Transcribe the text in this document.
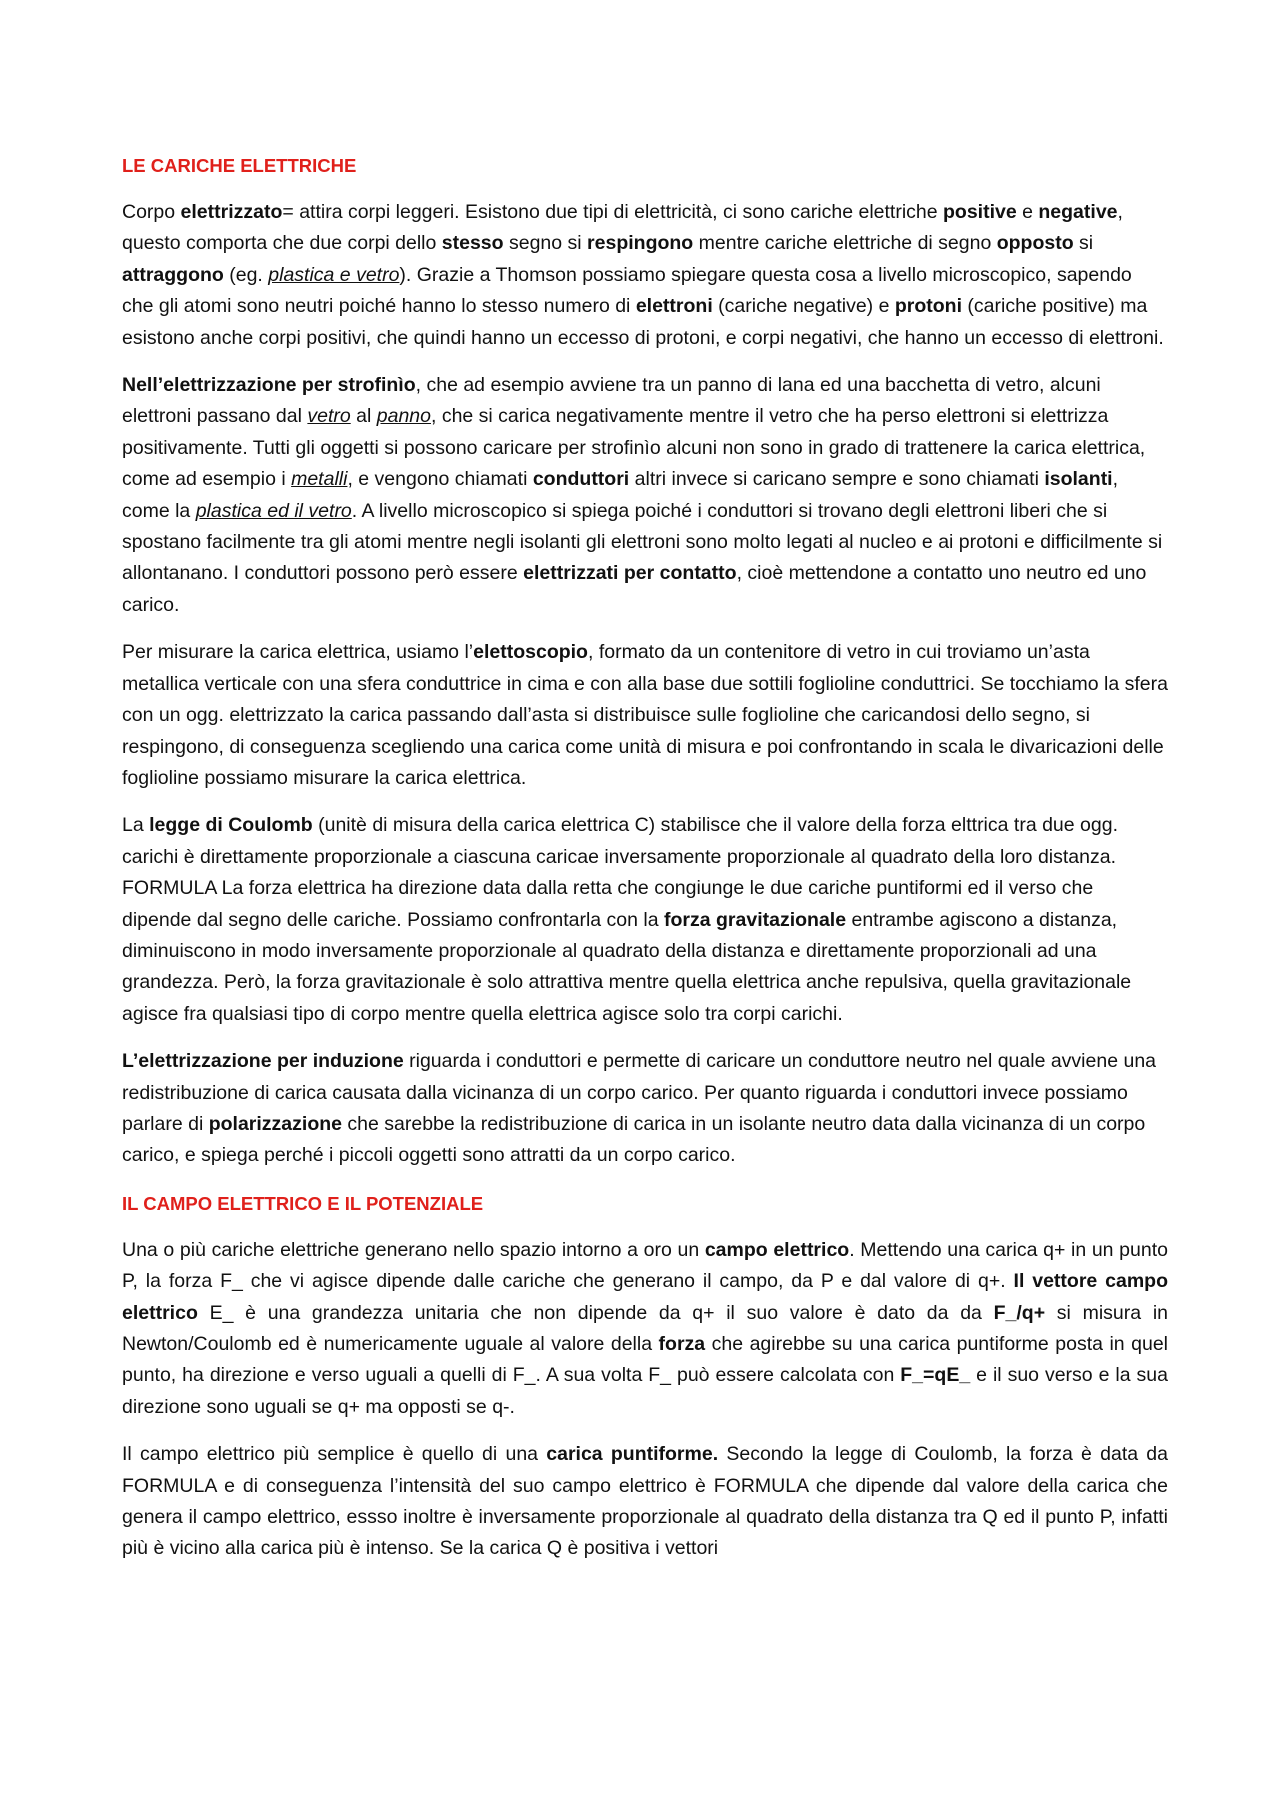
LE CARICHE ELETTRICHE

Corpo elettrizzato= attira corpi leggeri. Esistono due tipi di elettricità, ci sono cariche elettriche positive e negative, questo comporta che due corpi dello stesso segno si respingono mentre cariche elettriche di segno opposto si attraggono (eg. plastica e vetro). Grazie a Thomson possiamo spiegare questa cosa a livello microscopico, sapendo che gli atomi sono neutri poiché hanno lo stesso numero di elettroni (cariche negative) e protoni (cariche positive) ma esistono anche corpi positivi, che quindi hanno un eccesso di protoni, e corpi negativi, che hanno un eccesso di elettroni.

Nell’elettrizzazione per strofinìo, che ad esempio avviene tra un panno di lana ed una bacchetta di vetro, alcuni elettroni passano dal vetro al panno, che si carica negativamente mentre il vetro che ha perso elettroni si elettrizza positivamente. Tutti gli oggetti si possono caricare per strofinìo alcuni non sono in grado di trattenere la carica elettrica, come ad esempio i metalli, e vengono chiamati conduttori altri invece si caricano sempre e sono chiamati isolanti, come la plastica ed il vetro. A livello microscopico si spiega poiché i conduttori si trovano degli elettroni liberi che si spostano facilmente tra gli atomi mentre negli isolanti gli elettroni sono molto legati al nucleo e ai protoni e difficilmente si allontanano. I conduttori possono però essere elettrizzati per contatto, cioè mettendone a contatto uno neutro ed uno carico.

Per misurare la carica elettrica, usiamo l’elettoscopio, formato da un contenitore di vetro in cui troviamo un’asta metallica verticale con una sfera conduttrice in cima e con alla base due sottili foglioline conduttrici. Se tocchiamo la sfera con un ogg. elettrizzato la carica passando dall’asta si distribuisce sulle foglioline che caricandosi dello segno, si respingono, di conseguenza scegliendo una carica come unità di misura e poi confrontando in scala le divaricazioni delle foglioline possiamo misurare la carica elettrica.

La legge di Coulomb (unitè di misura della carica elettrica C) stabilisce che il valore della forza elttrica tra due ogg. carichi è direttamente proporzionale a ciascuna caricae inversamente proporzionale al quadrato della loro distanza. FORMULA La forza elettrica ha direzione data dalla retta che congiunge le due cariche puntiformi ed il verso che dipende dal segno delle cariche. Possiamo confrontarla con la forza gravitazionale entrambe agiscono a distanza, diminuiscono in modo inversamente proporzionale al quadrato della distanza e direttamente proporzionali ad una grandezza. Però, la forza gravitazionale è solo attrattiva mentre quella elettrica anche repulsiva, quella gravitazionale agisce fra qualsiasi tipo di corpo mentre quella elettrica agisce solo tra corpi carichi.

L’elettrizzazione per induzione riguarda i conduttori e permette di caricare un conduttore neutro nel quale avviene una redistribuzione di carica causata dalla vicinanza di un corpo carico. Per quanto riguarda i conduttori invece possiamo parlare di polarizzazione che sarebbe la redistribuzione di carica in un isolante neutro data dalla vicinanza di un corpo carico, e spiega perché i piccoli oggetti sono attratti da un corpo carico.

IL CAMPO ELETTRICO E IL POTENZIALE

Una o più cariche elettriche generano nello spazio intorno a oro un campo elettrico. Mettendo una carica q+ in un punto P, la forza F_ che vi agisce dipende dalle cariche che generano il campo, da P e dal valore di q+. Il vettore campo elettrico E_ è una grandezza unitaria che non dipende da q+ il suo valore è dato da da F_/q+ si misura in Newton/Coulomb ed è numericamente uguale al valore della forza che agirebbe su una carica puntiforme posta in quel punto, ha direzione e verso uguali a quelli di F_. A sua volta F_ può essere calcolata con F_=qE_ e il suo verso e la sua direzione sono uguali se q+ ma opposti se q-.

Il campo elettrico più semplice è quello di una carica puntiforme. Secondo la legge di Coulomb, la forza è data da FORMULA e di conseguenza l’intensità del suo campo elettrico è FORMULA che dipende dal valore della carica che genera il campo elettrico, essso inoltre è inversamente proporzionale al quadrato della distanza tra Q ed il punto P, infatti più è vicino alla carica più è intenso. Se la carica Q è positiva i vettori
